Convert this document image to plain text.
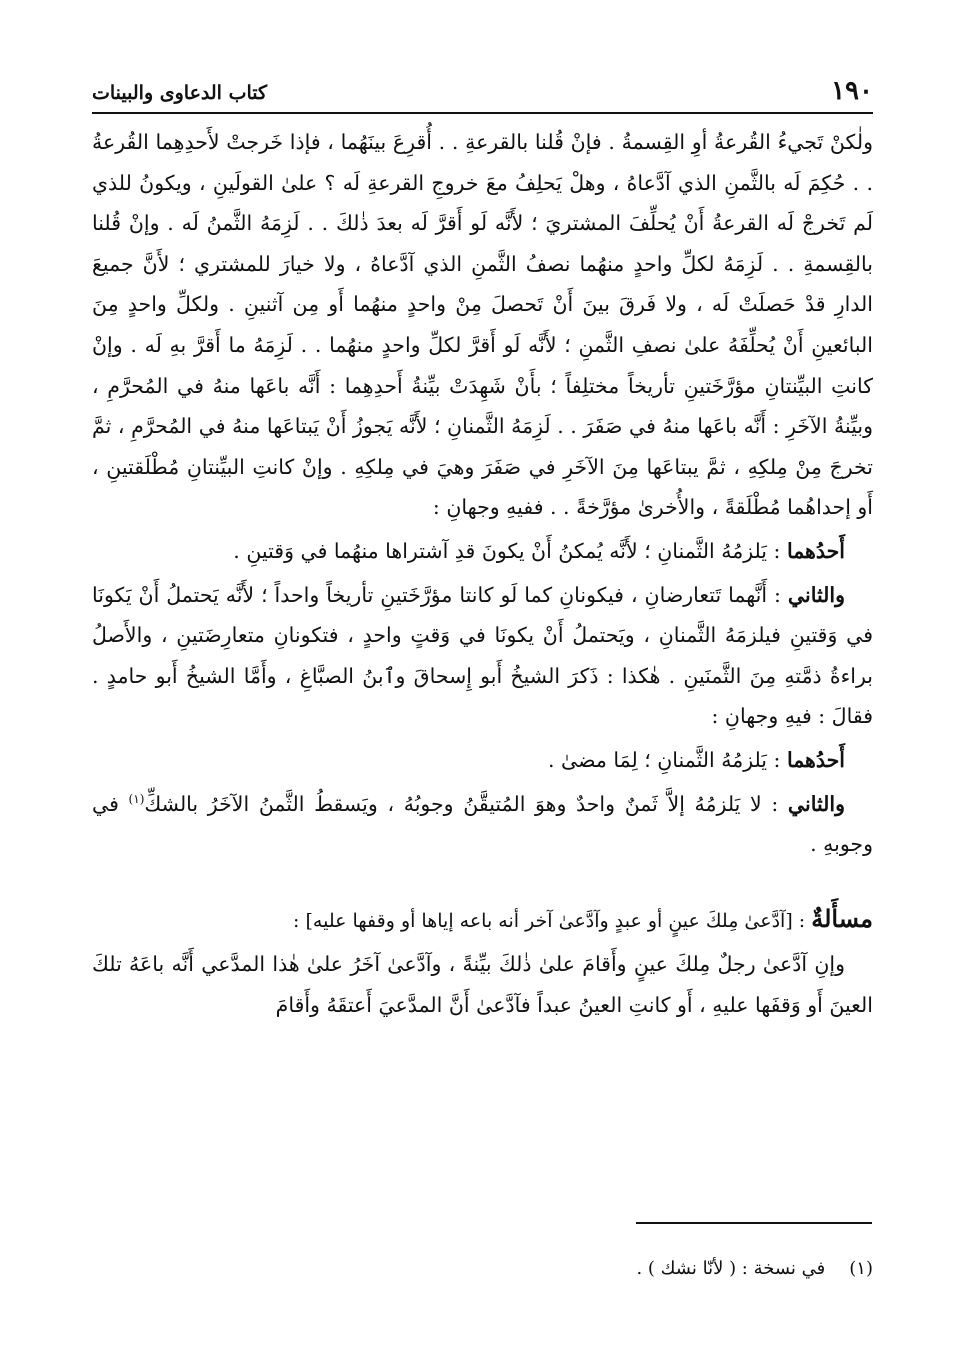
١٩٠
كتاب الدعاوى والبينات

ولٰكنْ تَجيءُ القُرعةُ أوِ القِسمةُ . فإنْ قُلنا بالقرعةِ . . أُقرِعَ بينَهُما ، فإذا خَرجتْ لأَحدِهِما القُرعةُ . . حُكِمَ لَه بالثَّمنِ الذي آدَّعاهُ ، وهلْ يَحلِفُ معَ خروجِ القرعةِ لَه ؟ علىٰ القولَينِ ، ويكونُ للذي لَم تَخرجْ لَه القرعةُ أَنْ يُحلِّفَ المشتريَ ؛ لأَنَّه لَو أَقرَّ لَه بعدَ ذٰلكَ . . لَزِمَهُ الثَّمنُ لَه . وإنْ قُلنا بالقِسمةِ . . لَزِمَهُ لكلِّ واحدٍ منهُما نصفُ الثَّمنِ الذي آدَّعاهُ ، ولا خيارَ للمشتري ؛ لأَنَّ جميعَ الدارِ قدْ حَصلَتْ لَه ، ولا فَرقَ بينَ أَنْ تَحصلَ مِنْ واحدٍ منهُما أَو مِن آثنينِ . ولكلِّ واحدٍ مِنَ البائعينِ أَنْ يُحلِّفَهُ علىٰ نصفِ الثَّمنِ ؛ لأَنَّه لَو أَقرَّ لكلِّ واحدٍ منهُما . . لَزِمَهُ ما أَقرَّ بهِ لَه . وإنْ كانتِ البيِّنتانِ مؤرَّخَتينِ تأريخاً مختلِفاً ؛ بأَنْ شَهِدَتْ بيِّنةُ أَحدِهِما : أَنَّه باعَها منهُ في المُحرَّمِ ، وبيِّنةُ الآخَرِ : أَنَّه باعَها منهُ في صَفَرَ . . لَزِمَهُ الثَّمنانِ ؛ لأَنَّه يَجوزُ أَنْ يَبتاعَها منهُ في المُحرَّمِ ، ثمَّ تخرجَ مِنْ مِلكِهِ ، ثمَّ يبتاعَها مِنَ الآخَرِ في صَفَرَ وهيَ في مِلكِهِ . وإنْ كانتِ البيِّنتانِ مُطْلَقتينِ ، أَو إحداهُما مُطْلَقةً ، والأُخرىٰ مؤرَّخةً . . ففيهِ وجهانِ :

أَحدُهما : يَلزمُهُ الثَّمنانِ ؛ لأَنَّه يُمكنُ أَنْ يكونَ قدِ آشتراها منهُما في وَقتينِ .

والثاني : أَنَّهما تَتعارضانِ ، فيكونانِ كما لَو كانتا مؤرَّخَتينِ تأريخاً واحداً ؛ لأَنَّه يَحتملُ أَنْ يَكونَا في وَقتينِ فيلزمَهُ الثَّمنانِ ، ويَحتملُ أَنْ يكونَا في وَقتٍ واحدٍ ، فتكونانِ متعارِضَتينِ ، والأَصلُ براءةُ ذمَّتهِ مِنَ الثَّمنَينِ . هٰكذا : ذَكرَ الشيخُ أَبو إِسحاقَ وٱبنُ الصبَّاغِ ، وأَمَّا الشيخُ أَبو حامدٍ . فقالَ : فيهِ وجهانِ :

أَحدُهما : يَلزمُهُ الثَّمنانِ ؛ لِمَا مضىٰ .

والثاني : لا يَلزمُهُ إلاَّ ثَمنٌ واحدٌ وهوَ المُتيقَّنُ وجوبُهُ ، ويَسقطُ الثَّمنُ الآخَرُ بالشكِّ$^{(١)}$ في وجوبهِ .

مسأَلةٌ : [آدَّعىٰ مِلكَ عينٍ أو عبدٍ وآدَّعىٰ آخر أنه باعه إياها أو وقفها عليه] :

وإنِ آدَّعىٰ رجلٌ مِلكَ عينٍ وأَقامَ علىٰ ذٰلكَ بيِّنةً ، وآدَّعىٰ آخَرُ علىٰ هٰذا المدَّعي أَنَّه باعَهُ تلكَ العينَ أَو وَقفَها عليهِ ، أَو كانتِ العينُ عبداً فآدَّعىٰ أَنَّ المدَّعيَ أَعتقَهُ وأَقامَ

(١)في نسخة : ( لأنّا نشك ) .
